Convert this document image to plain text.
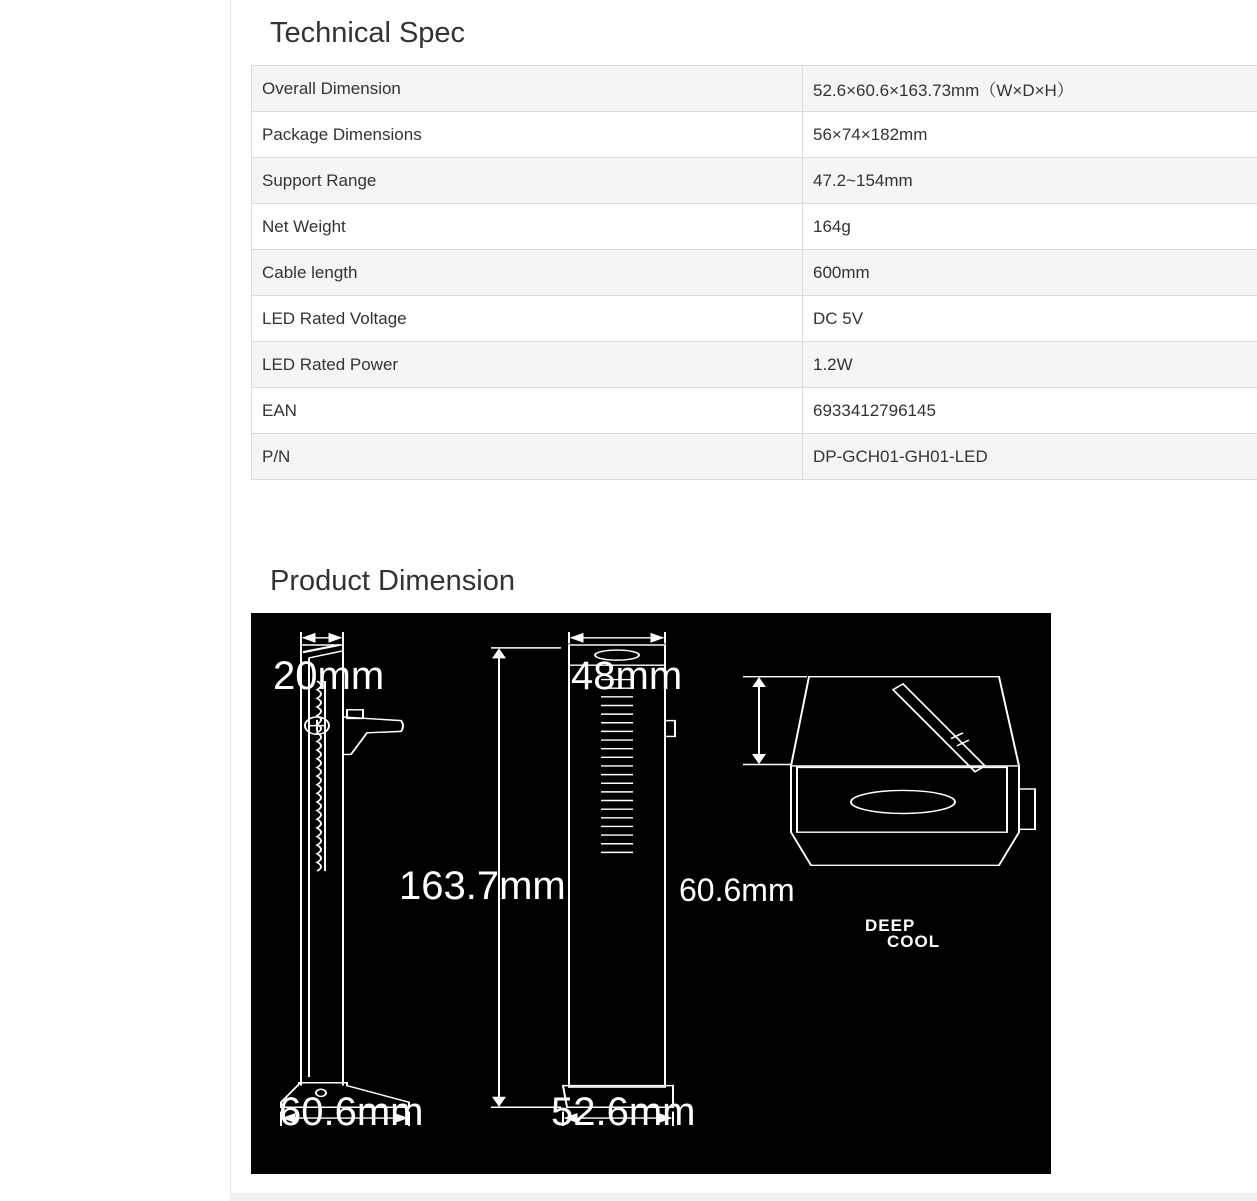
Technical Spec
Overall Dimension	52.6×60.6×163.73mm（W×D×H）
Package Dimensions	56×74×182mm
Support Range	47.2~154mm
Net Weight	164g
Cable length	600mm
LED Rated Voltage	DC 5V
LED Rated Power	1.2W
EAN	6933412796145
P/N	DP-GCH01-GH01-LED
Product Dimension
20mm
60.6mm
48mm
163.7mm
52.6mm
60.6mm
DEEP
COOL
